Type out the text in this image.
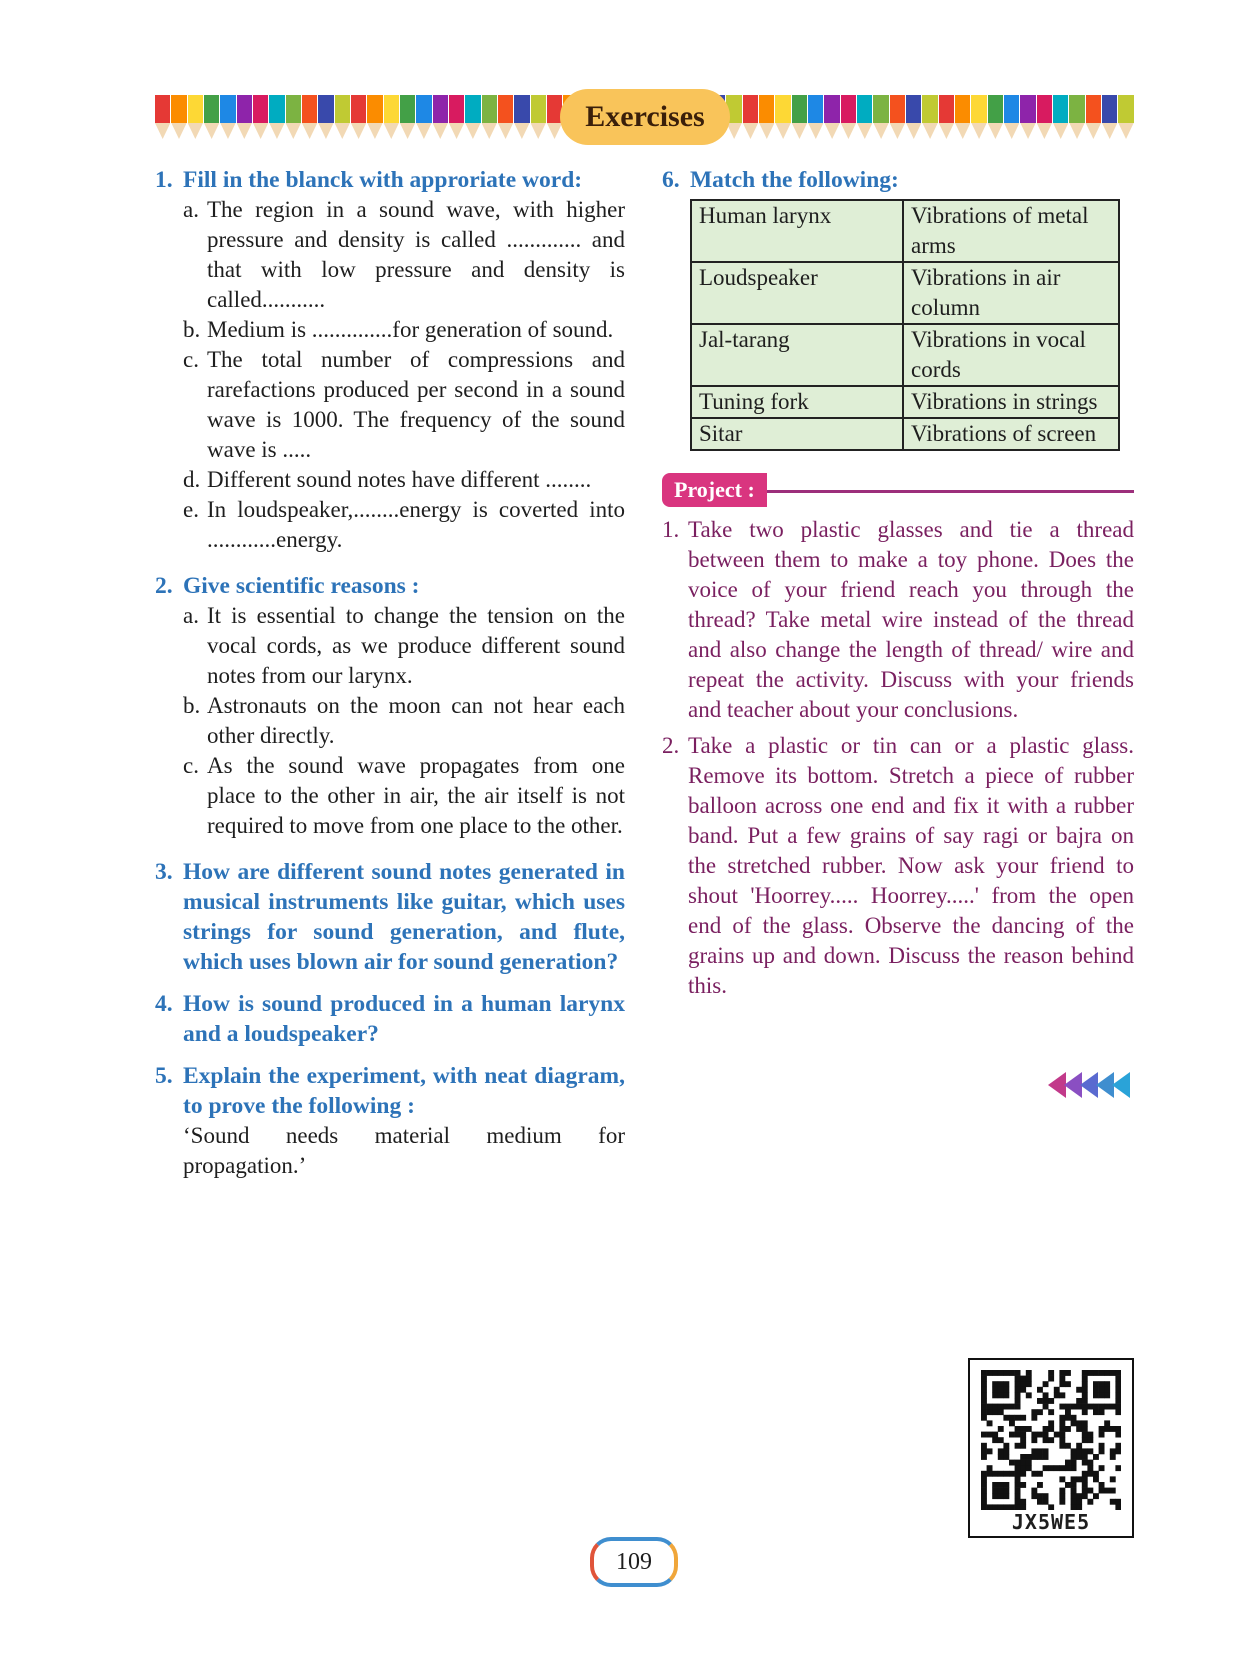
Exercises
1. Fill in the blanck with approriate word:
a. The region in a sound wave, with higher pressure and density is called ............. and that with low pressure and density is called...........
b. Medium is ..............for generation of sound.
c. The total number of compressions and rarefactions produced per second in a sound wave is 1000. The frequency of the sound wave is .....
d. Different sound notes have different ........
e. In loudspeaker,........energy is coverted into ............energy.
2. Give scientific reasons :
a. It is essential to change the tension on the vocal cords, as we produce different sound notes from our larynx.
b. Astronauts on the moon can not hear each other directly.
c. As the sound wave propagates from one place to the other in air, the air itself is not required to move from one place to the other.
3. How are different sound notes generated in musical instruments like guitar, which uses strings for sound generation, and flute, which uses blown air for sound generation?
4. How is sound produced in a human larynx and a loudspeaker?
5. Explain the experiment, with neat diagram, to prove the following :
‘Sound needs material medium for propagation.’
6. Match the following:
Human larynx	Vibrations of metal arms
Loudspeaker	Vibrations in air column
Jal-tarang	Vibrations in vocal cords
Tuning fork	Vibrations in strings
Sitar	Vibrations of screen
Project :
1. Take two plastic glasses and tie a thread between them to make a toy phone. Does the voice of your friend reach you through the thread? Take metal wire instead of the thread and also change the length of thread/ wire and repeat the activity. Discuss with your friends and teacher about your conclusions.
2. Take a plastic or tin can or a plastic glass. Remove its bottom. Stretch a piece of rubber balloon across one end and fix it with a rubber band. Put a few grains of say ragi or bajra on the stretched rubber. Now ask your friend to shout 'Hoorrey..... Hoorrey.....' from the open end of the glass. Observe the dancing of the grains up and down. Discuss the reason behind this.
JX5WE5
109
